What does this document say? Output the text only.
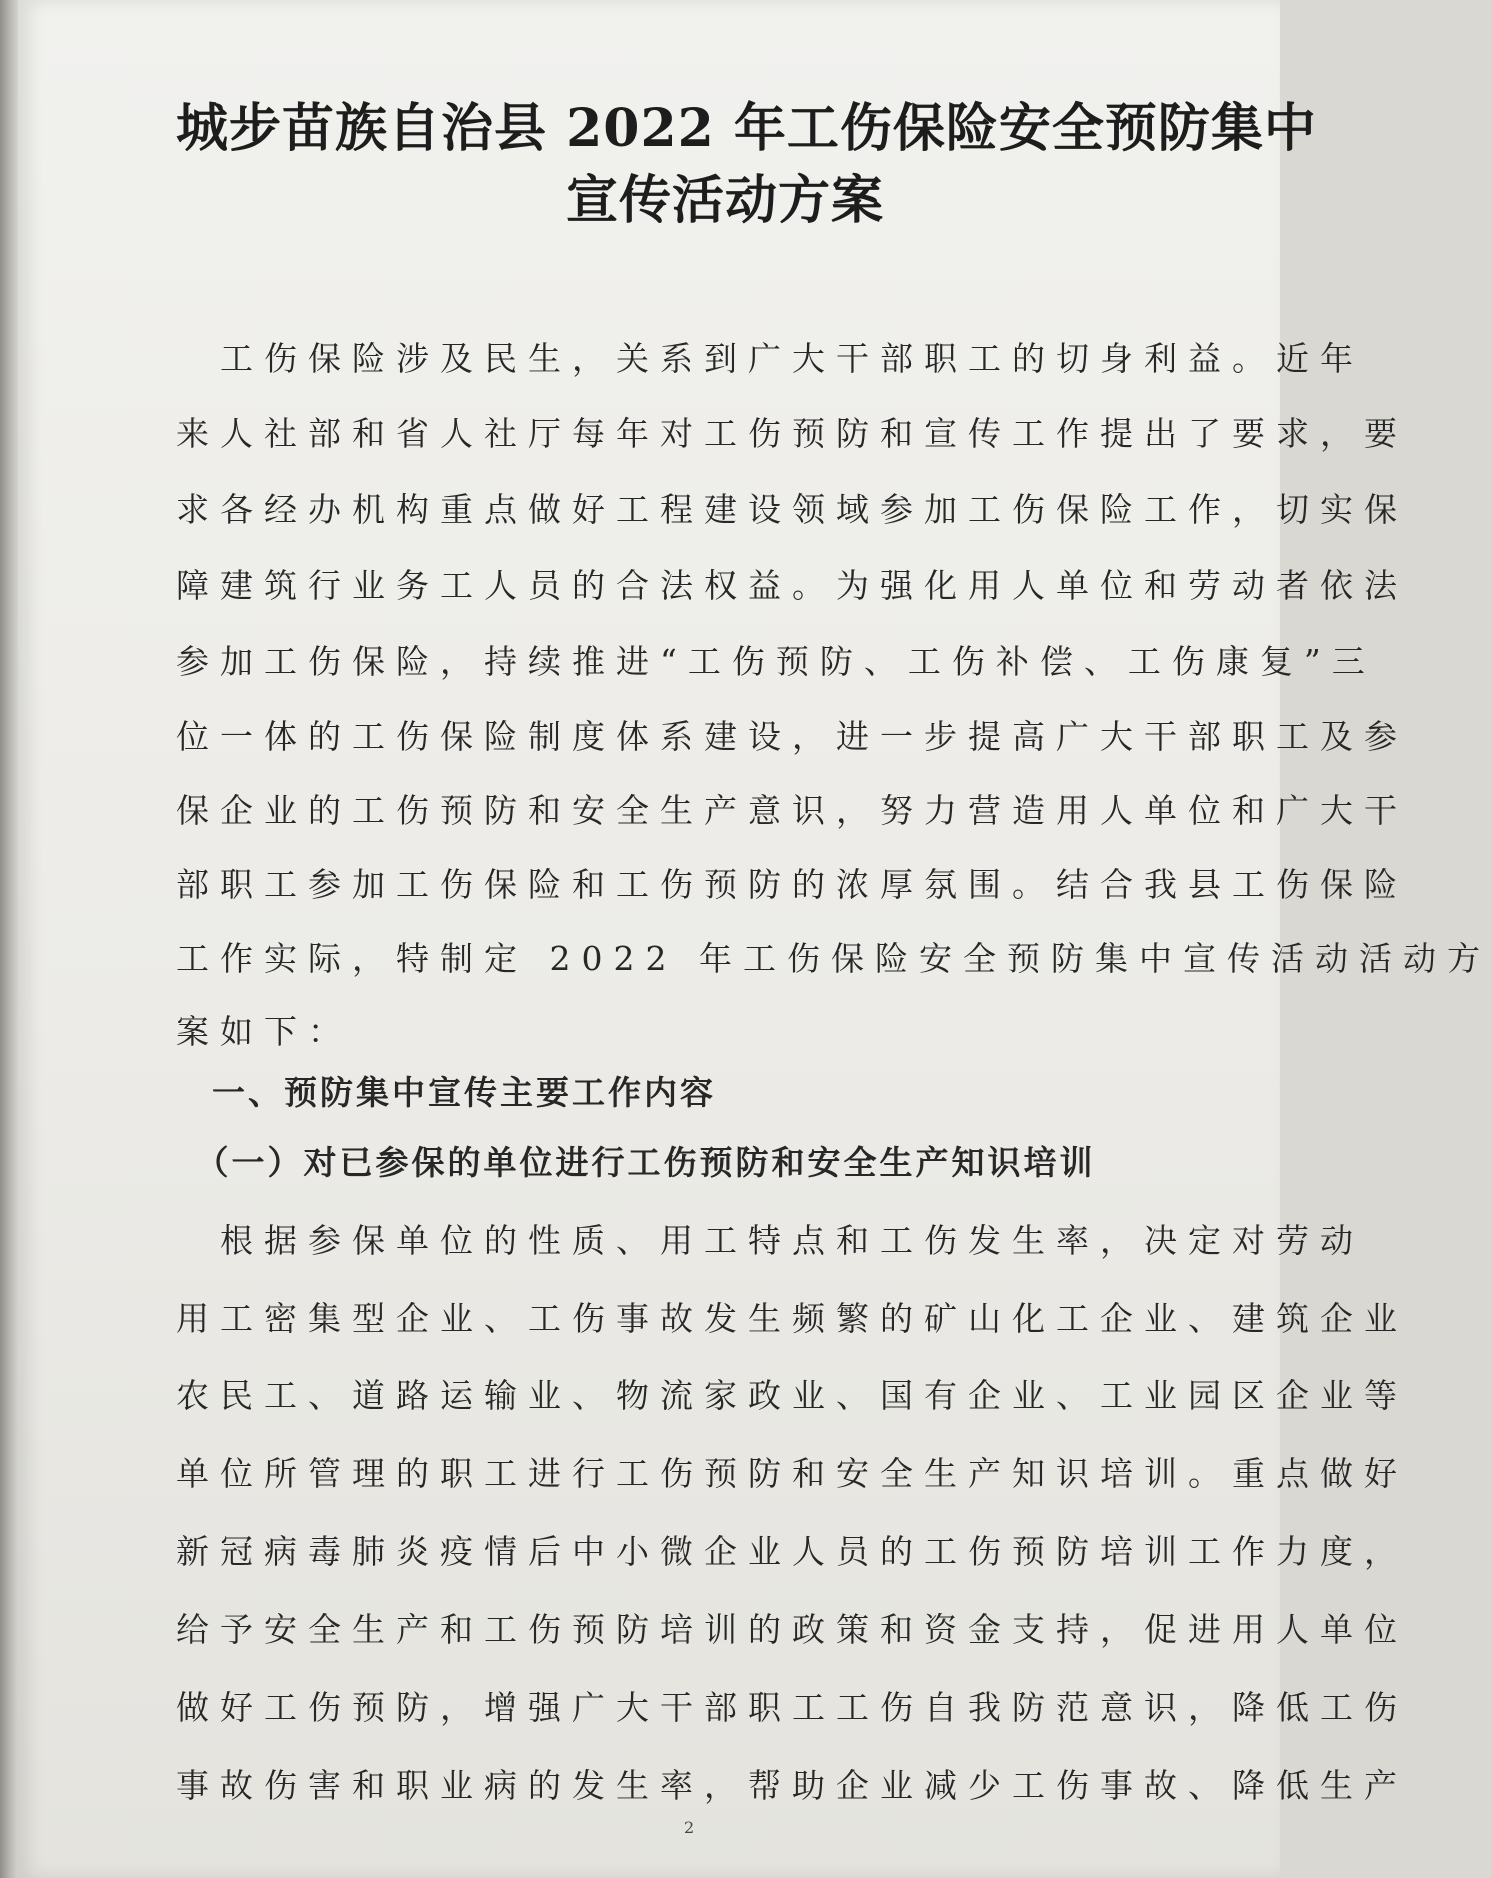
城步苗族自治县 2022 年工伤保险安全预防集中
宣传活动方案
　工伤保险涉及民生，关系到广大干部职工的切身利益。近年
来人社部和省人社厅每年对工伤预防和宣传工作提出了要求，要
求各经办机构重点做好工程建设领域参加工伤保险工作，切实保
障建筑行业务工人员的合法权益。为强化用人单位和劳动者依法
参加工伤保险，持续推进“工伤预防、工伤补偿、工伤康复”三
位一体的工伤保险制度体系建设，进一步提高广大干部职工及参
保企业的工伤预防和安全生产意识，努力营造用人单位和广大干
部职工参加工伤保险和工伤预防的浓厚氛围。结合我县工伤保险
工作实际，特制定 2022 年工伤保险安全预防集中宣传活动活动方
案如下：
　一、预防集中宣传主要工作内容
　（一）对已参保的单位进行工伤预防和安全生产知识培训
　根据参保单位的性质、用工特点和工伤发生率，决定对劳动
用工密集型企业、工伤事故发生频繁的矿山化工企业、建筑企业
农民工、道路运输业、物流家政业、国有企业、工业园区企业等
单位所管理的职工进行工伤预防和安全生产知识培训。重点做好
新冠病毒肺炎疫情后中小微企业人员的工伤预防培训工作力度，
给予安全生产和工伤预防培训的政策和资金支持，促进用人单位
做好工伤预防，增强广大干部职工工伤自我防范意识，降低工伤
事故伤害和职业病的发生率，帮助企业减少工伤事故、降低生产
2
